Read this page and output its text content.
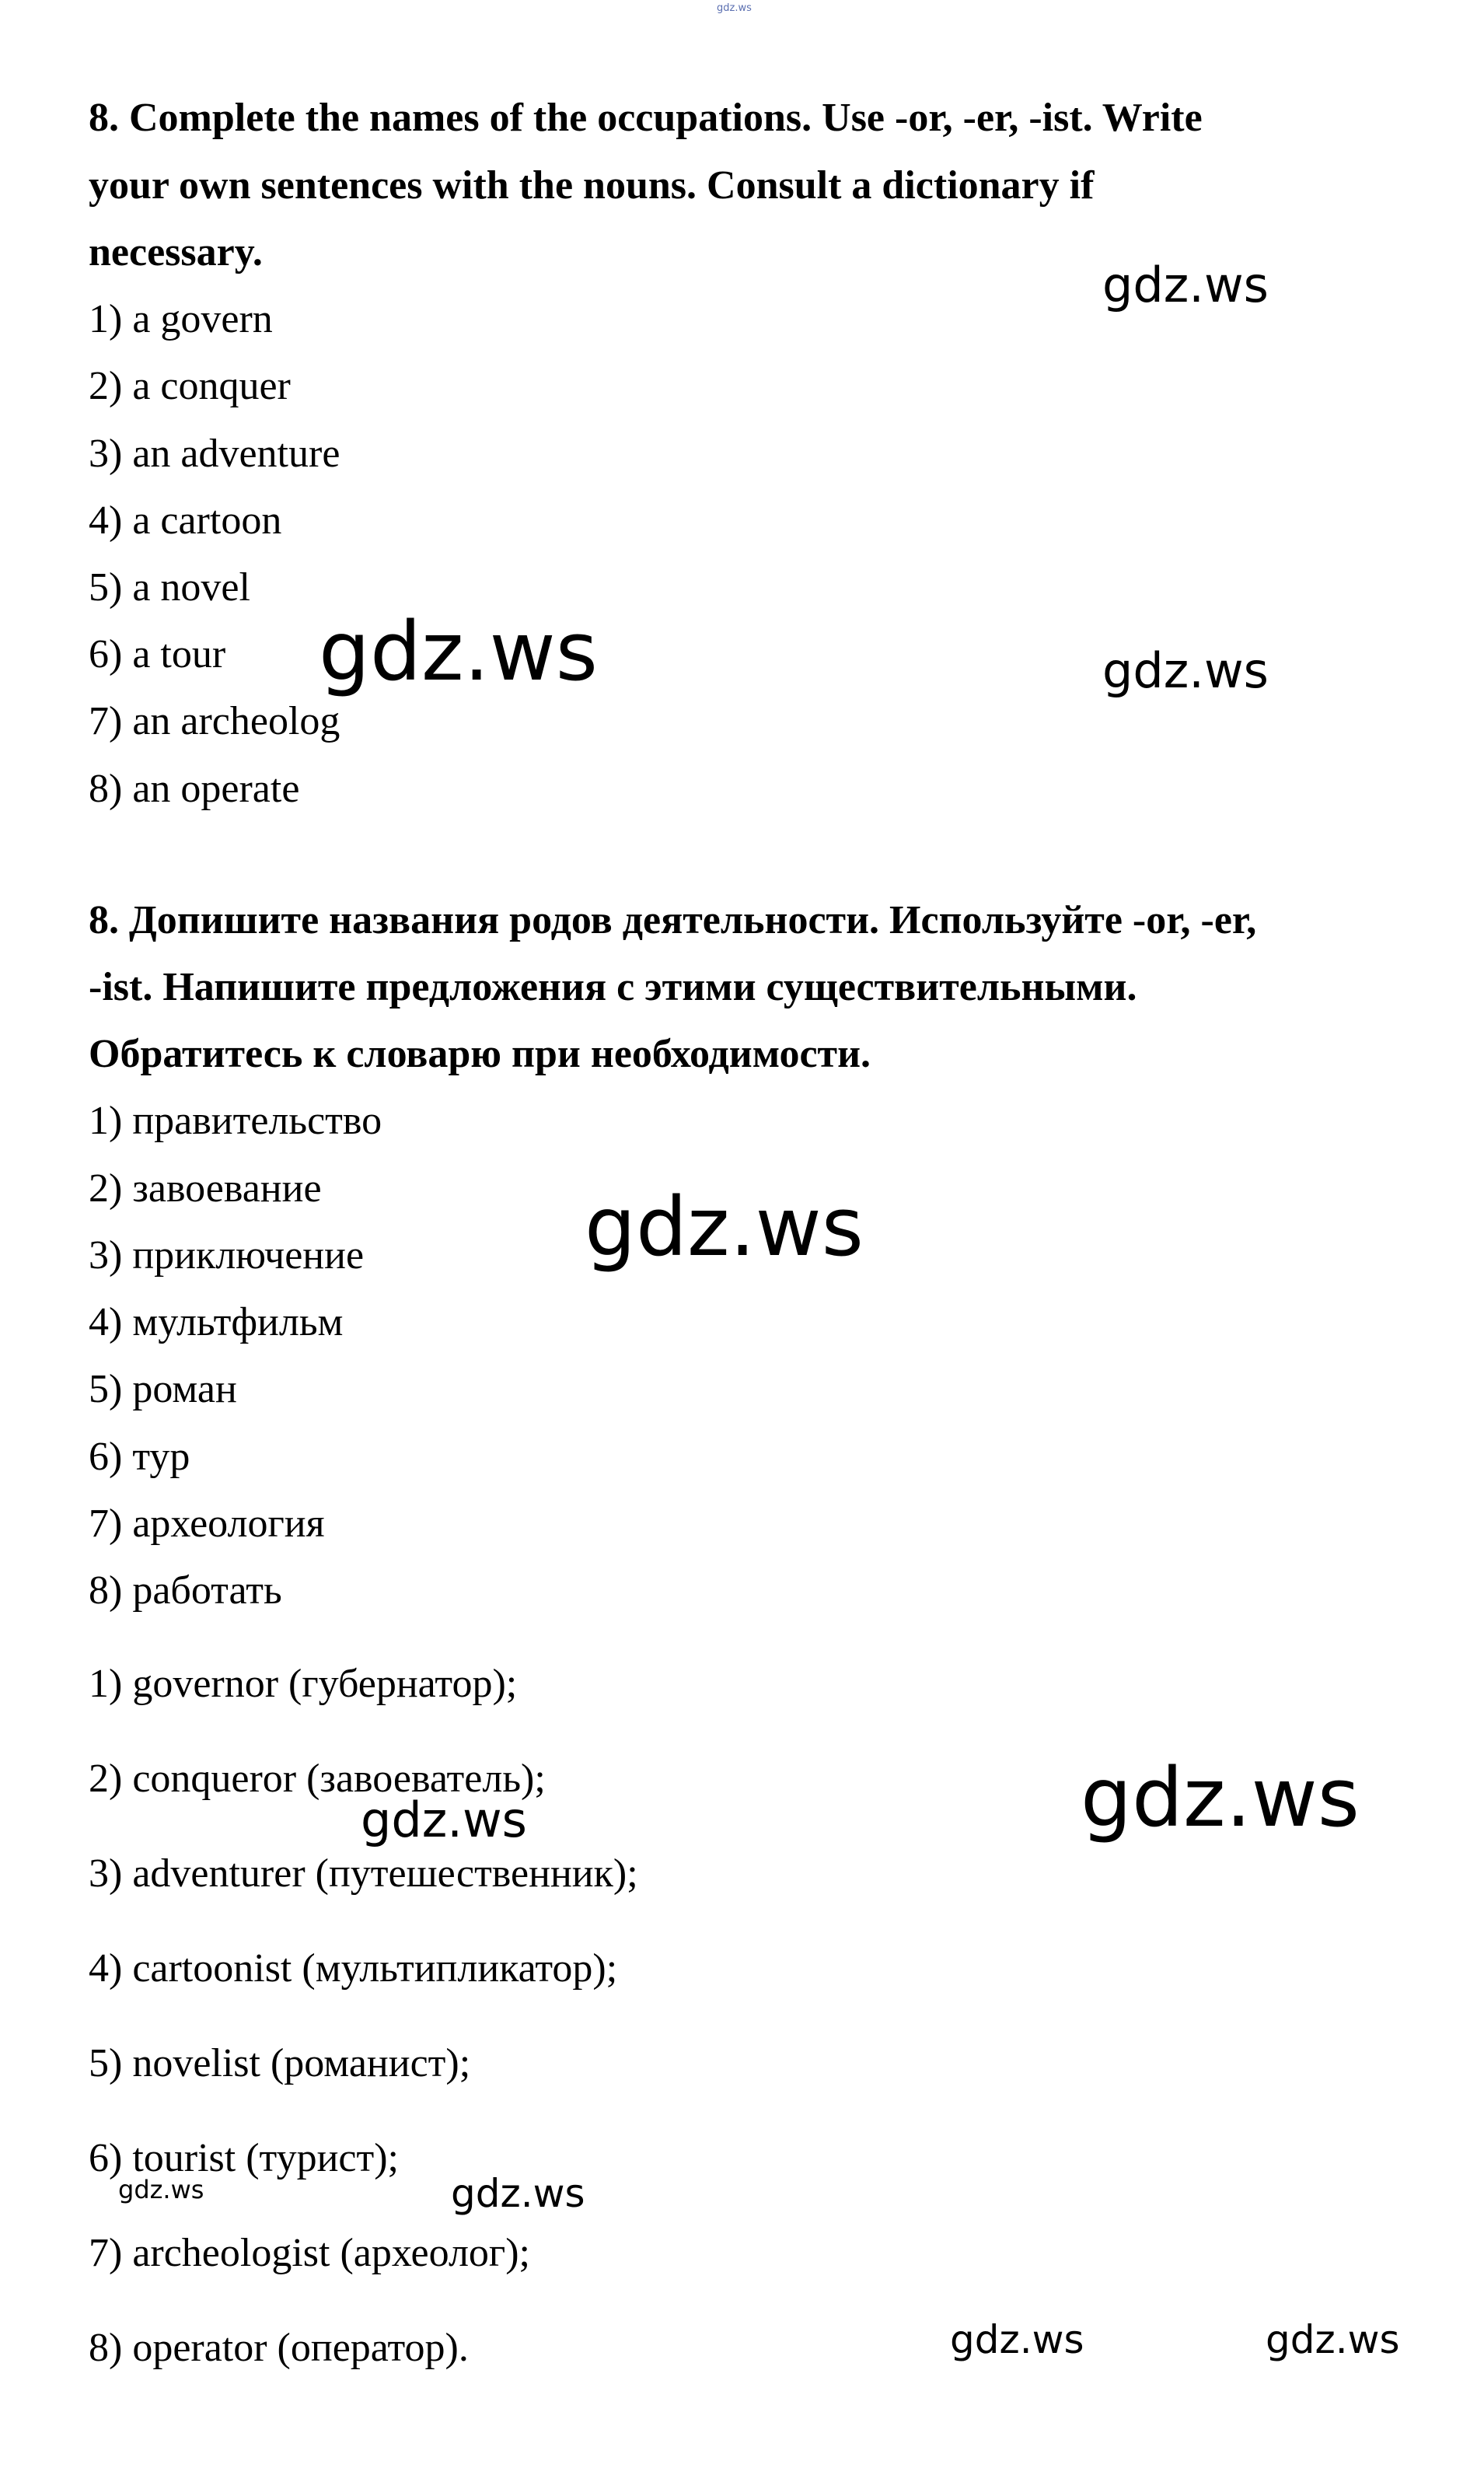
gdz.ws
8. Complete the names of the occupations. Use -or, -er, -ist. Write
your own sentences with the nouns. Consult a dictionary if
necessary.
1) a govern
2) a conquer
3) an adventure
4) a cartoon
5) a novel
6) a tour
7) an archeolog
8) an operate
8. Допишите названия родов деятельности. Используйте -or, -er,
-ist. Напишите предложения с этими существительными.
Обратитесь к словарю при необходимости.
1) правительство
2) завоевание
3) приключение
4) мультфильм
5) роман
6) тур
7) археология
8) работать
1) governor (губернатор);
2) conqueror (завоеватель);
3) adventurer (путешественник);
4) cartoonist (мультипликатор);
5) novelist (романист);
6) tourist (турист);
7) archeologist (археолог);
8) operator (оператор).
gdz.ws
gdz.ws	gdz.ws
gdz.ws
gdz.ws
gdz.ws
gdz.ws	gdz.ws
gdz.ws	gdz.ws
